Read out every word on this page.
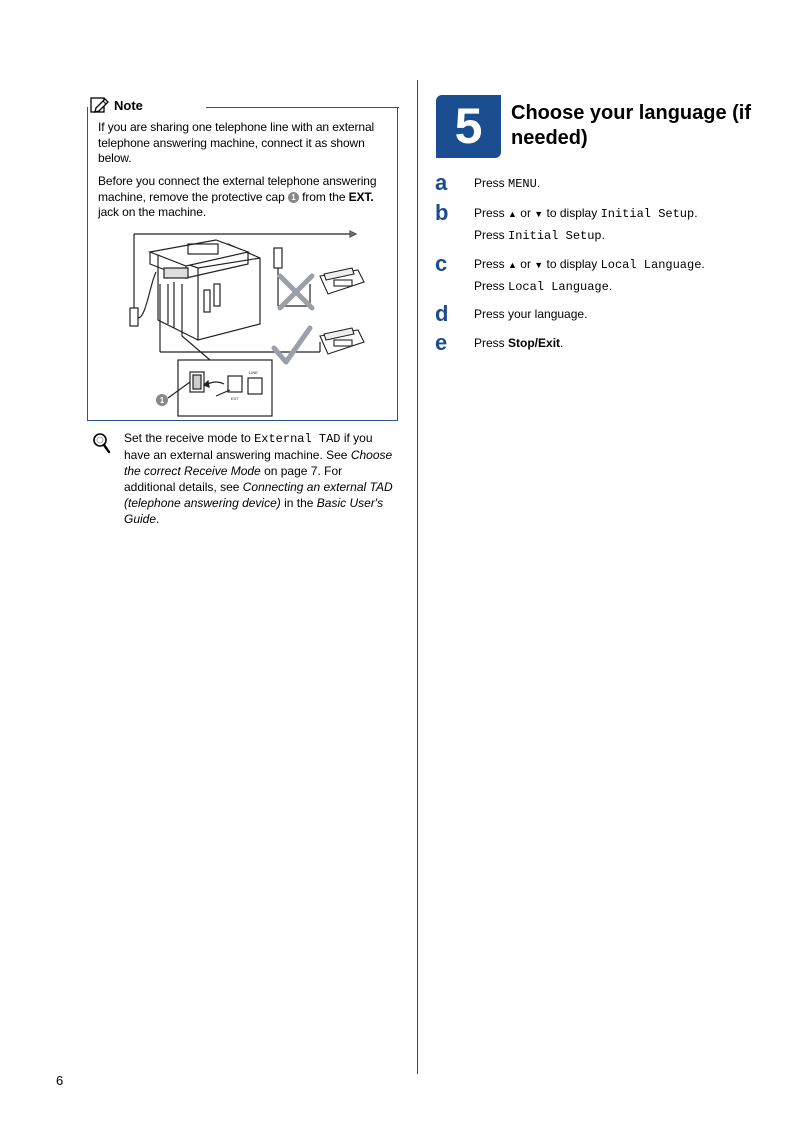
Note
If you are sharing one telephone line with an external telephone answering machine, connect it as shown below.
Before you connect the external telephone answering machine, remove the protective cap 1 from the EXT. jack on the machine.
1	EXT
LINE
Set the receive mode to External TAD if you have an external answering machine. See Choose the correct Receive Mode on page 7. For additional details, see Connecting an external TAD (telephone answering device) in the Basic User's Guide.
5	Choose your language (if needed)
a Press MENU.
b Press ▲ or ▼ to display Initial Setup.
Press Initial Setup.
c Press ▲ or ▼ to display Local Language.
Press Local Language.
d Press your language.
e Press Stop/Exit.
6
